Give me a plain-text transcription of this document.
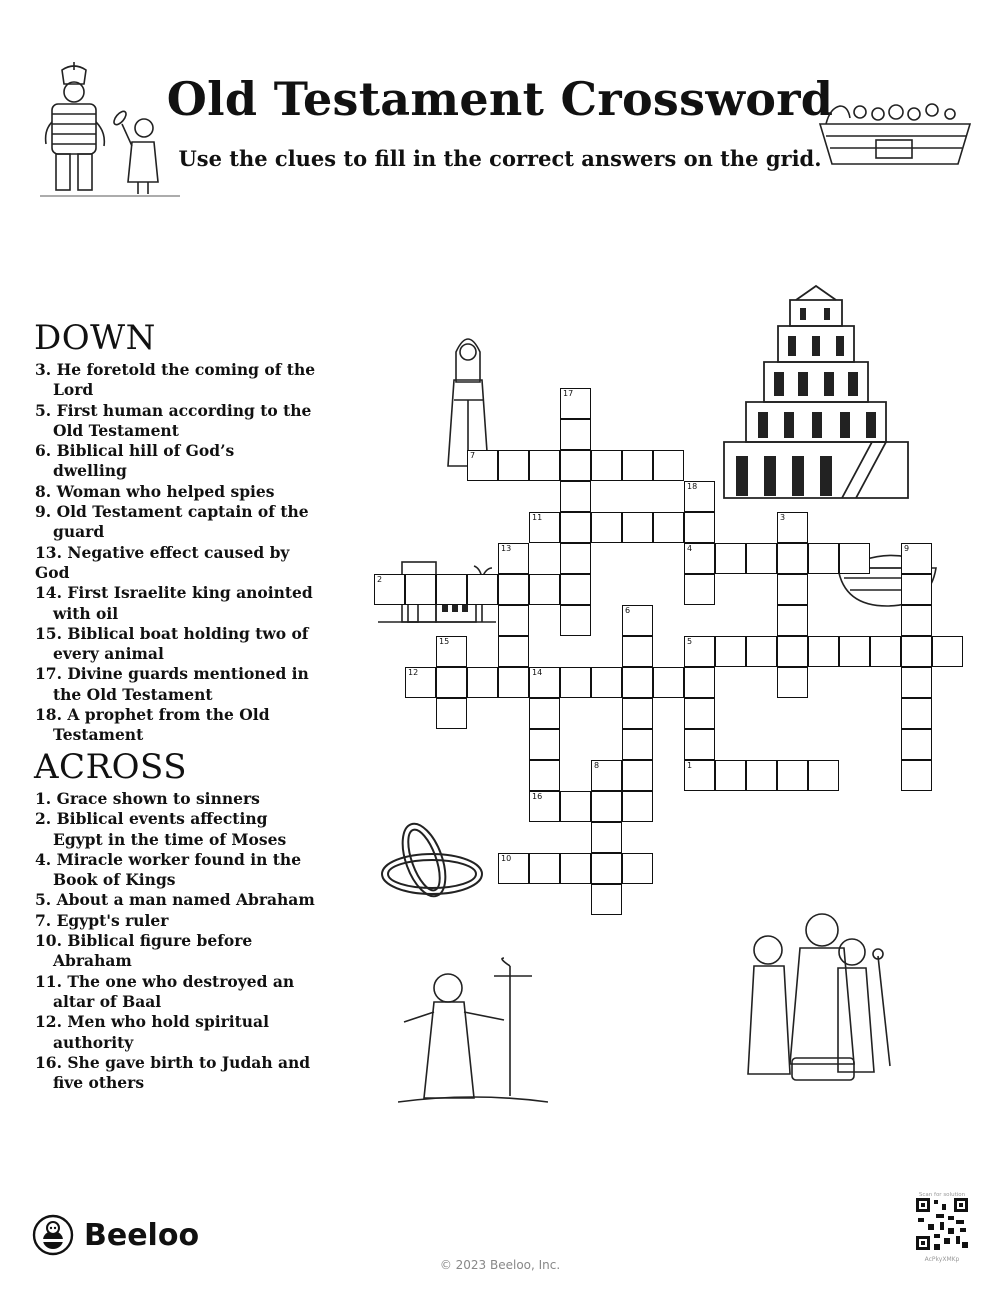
Old Testament Crossword
Use the clues to fill in the correct answers on the grid.
DOWN
3. He foretold the coming of the
Lord
5. First human according to the
Old Testament
6. Biblical hill of God’s
dwelling
8. Woman who helped spies
9. Old Testament captain of the
guard
13. Negative effect caused by God
14. First Israelite king anointed
with oil
15. Biblical boat holding two of
every animal
17. Divine guards mentioned in
the Old Testament
18. A prophet from the Old
Testament
ACROSS
1. Grace shown to sinners
2. Biblical events affecting
Egypt in the time of Moses
4. Miracle worker found in the
Book of Kings
5. About a man named Abraham
7. Egypt's ruler
10. Biblical figure before
Abraham
11. The one who destroyed an
altar of Baal
12. Men who hold spiritual
authority
16. She gave birth to Judah and
five others
1
2
3
4
5
6
7
8
9
10
11
12	14
13
15
16
17
18
Beeloo
© 2023 Beeloo, Inc.
Scan for solution
AcPkyXMKp
